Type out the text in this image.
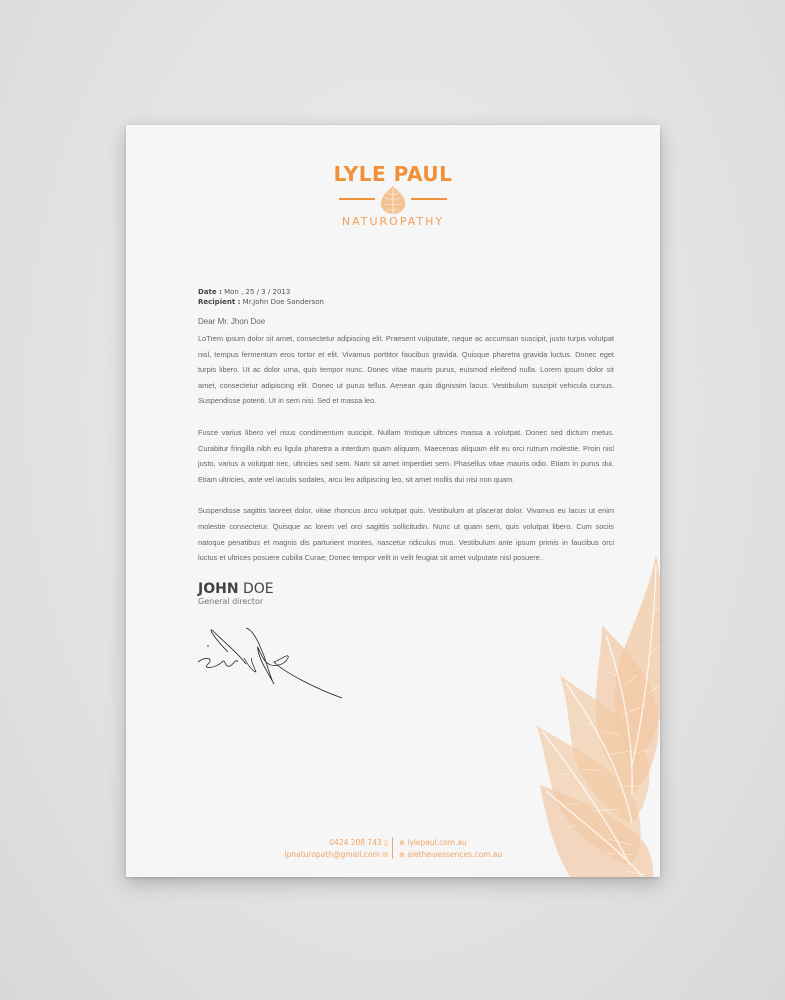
LYLE PAUL
NATUROPATHY
Date : Mon , 25 / 3 / 2013
Recipient : Mr.John Doe Sanderson
Dear Mr. Jhon Doe

LoTrem ipsum dolor sit amet, consectetur adipiscing elit. Praesent vulputate, neque ac accumsan suscipit, justo turpis volutpat nisl, tempus fermentum eros tortor et elit. Vivamus porttitor faucibus gravida. Quisque pharetra gravida luctus. Donec eget turpis libero. Ut ac dolor urna, quis tempor nunc. Donec vitae mauris purus, euismod eleifend nulla. Lorem ipsum dolor sit amet, consectetur adipiscing elit. Donec ut purus tellus. Aenean quis dignissim lacus. Vestibulum suscipit vehicula cursus. Suspendisse potenti. Ut in sem nisi. Sed et massa leo.

Fusce varius libero vel risus condimentum suscipit. Nullam tristique ultrices massa a volutpat. Donec sed dictum metus. Curabitur fringilla nibh eu ligula pharetra a interdum quam aliquam. Maecenas aliquam elit eu orci rutrum molestie. Proin nisl justo, varius a volutpat nec, ultricies sed sem. Nam sit amet imperdiet sem. Phasellus vitae mauris odio. Etiam in purus dui. Etiam ultricies, ante vel iaculis sodales, arcu leo adipiscing leo, sit amet mollis dui nisi non quam.

Suspendisse sagittis laoreet dolor, vitae rhoncus arcu volutpat quis. Vestibulum at placerat dolor. Vivamus eu lacus ut enim molestie consectetur. Quisque ac lorem vel orci sagittis sollicitudin. Nunc ut quam sem, quis volutpat libero. Cum sociis natoque penatibus et magnis dis parturient montes, nascetur ridiculus mus. Vestibulum ante ipsum primis in faucibus orci luctus et ultrices posuere cubilia Curae; Donec tempor velit in velit feugiat sit amet vulputate nisl posuere..

JOHN DOE
General director
0424 208 743 ▯
lpnaturopath@gmail.com ✉
⊕ lylepaul.com.au
⊕ aletheiaessences.com.au
